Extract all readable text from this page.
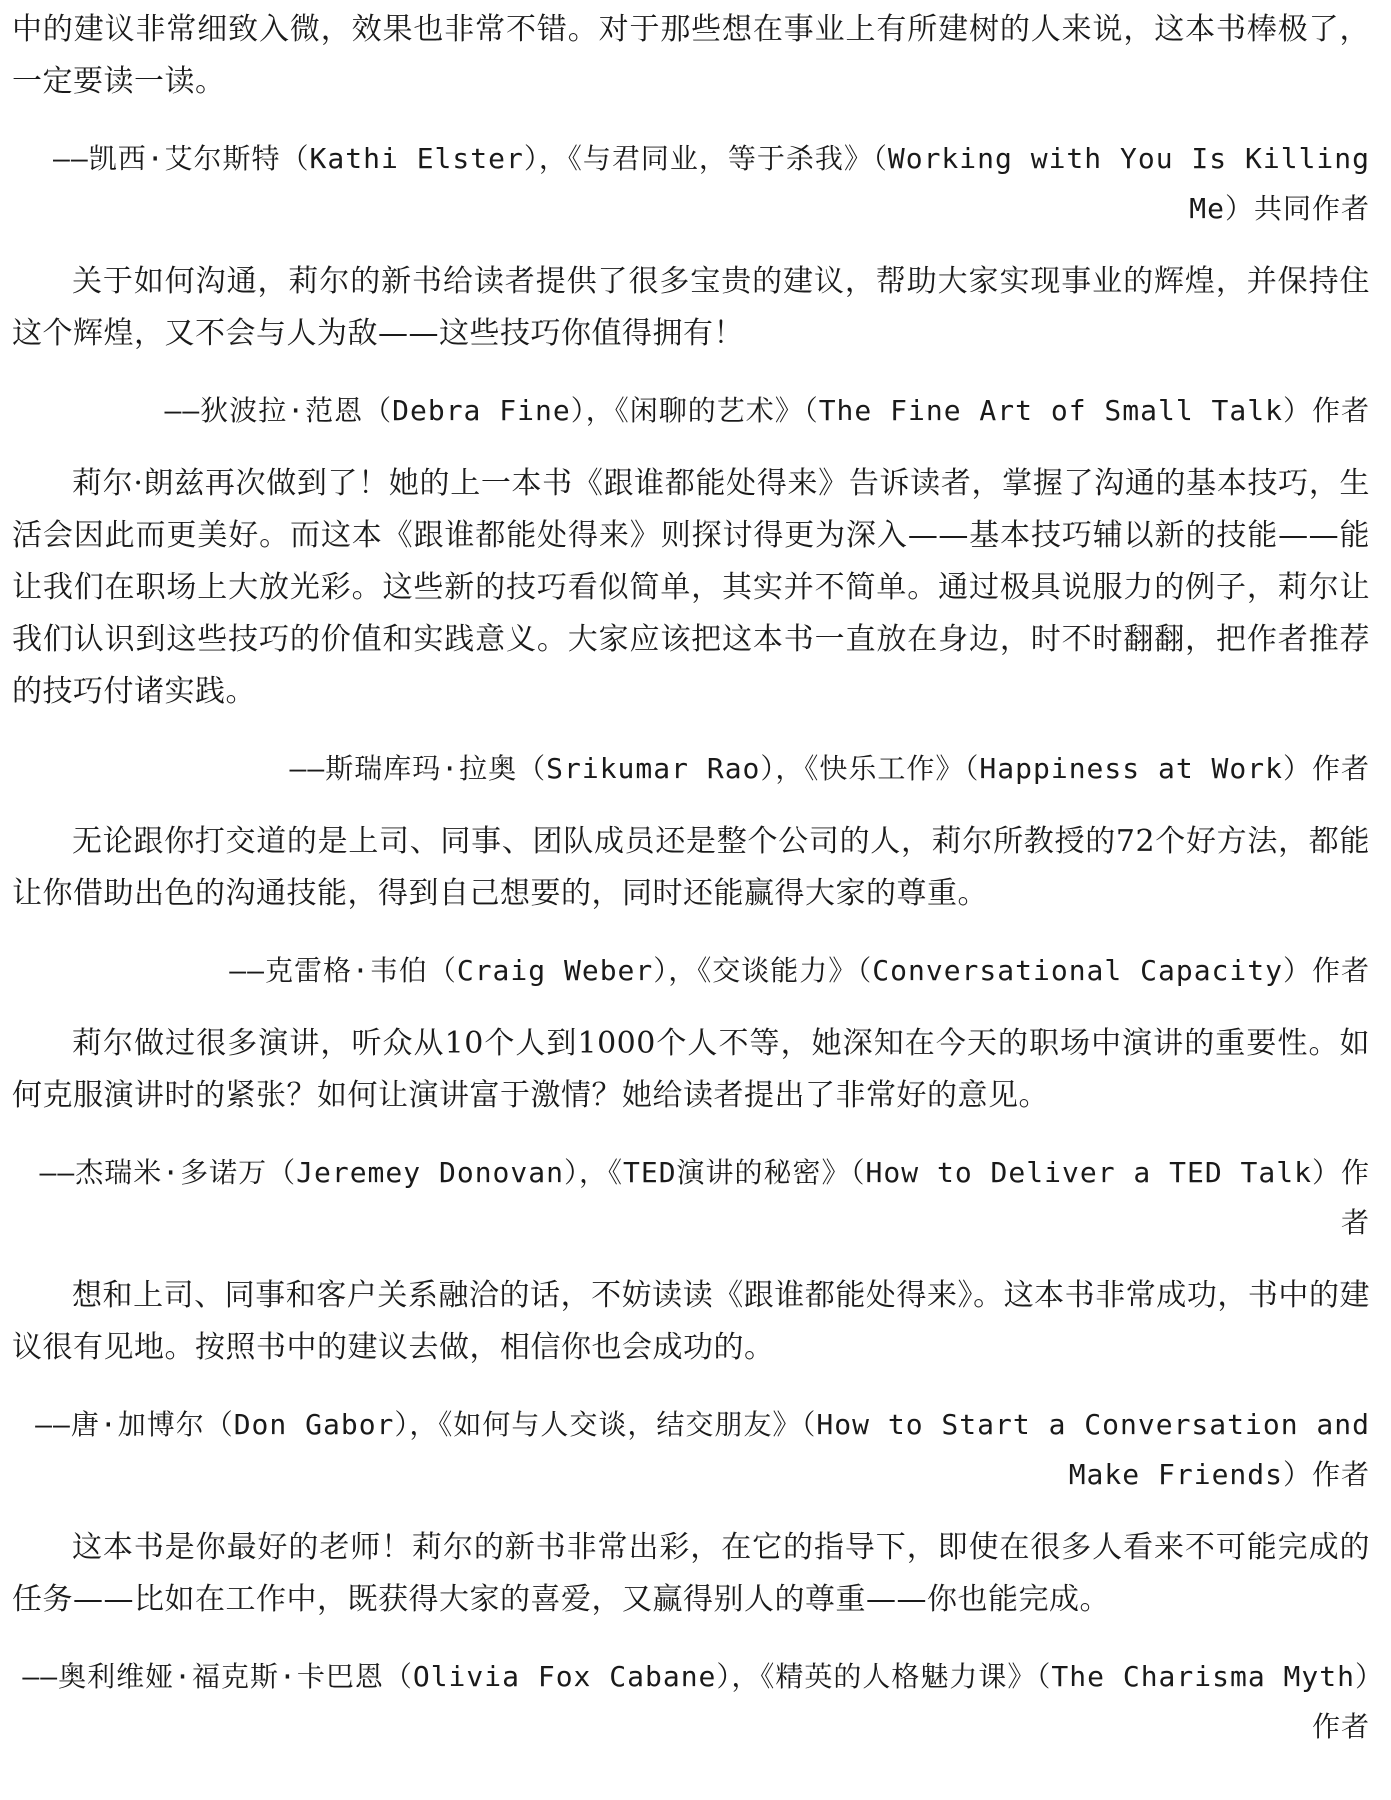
中的建议非常细致入微，效果也非常不错。对于那些想在事业上有所建树的人来说，这本书棒极了，一定要读一读。

——凯西·艾尔斯特（Kathi Elster），《与君同业，等于杀我》（Working with You Is Killing Me）共同作者

关于如何沟通，莉尔的新书给读者提供了很多宝贵的建议，帮助大家实现事业的辉煌，并保持住这个辉煌，又不会与人为敌——这些技巧你值得拥有！

——狄波拉·范恩（Debra Fine），《闲聊的艺术》（The Fine Art of Small Talk）作者

莉尔·朗兹再次做到了！她的上一本书《跟谁都能处得来》告诉读者，掌握了沟通的基本技巧，生活会因此而更美好。而这本《跟谁都能处得来》则探讨得更为深入——基本技巧辅以新的技能——能让我们在职场上大放光彩。这些新的技巧看似简单，其实并不简单。通过极具说服力的例子，莉尔让我们认识到这些技巧的价值和实践意义。大家应该把这本书一直放在身边，时不时翻翻，把作者推荐的技巧付诸实践。

——斯瑞库玛·拉奥（Srikumar Rao），《快乐工作》（Happiness at Work）作者

无论跟你打交道的是上司、同事、团队成员还是整个公司的人，莉尔所教授的72个好方法，都能让你借助出色的沟通技能，得到自己想要的，同时还能赢得大家的尊重。

——克雷格·韦伯（Craig Weber），《交谈能力》（Conversational Capacity）作者

莉尔做过很多演讲，听众从10个人到1000个人不等，她深知在今天的职场中演讲的重要性。如何克服演讲时的紧张？如何让演讲富于激情？她给读者提出了非常好的意见。

——杰瑞米·多诺万（Jeremey Donovan），《TED演讲的秘密》（How to Deliver a TED Talk）作者

想和上司、同事和客户关系融洽的话，不妨读读《跟谁都能处得来》。这本书非常成功，书中的建议很有见地。按照书中的建议去做，相信你也会成功的。

——唐·加博尔（Don Gabor），《如何与人交谈，结交朋友》（How to Start a Conversation and Make Friends）作者

这本书是你最好的老师！莉尔的新书非常出彩，在它的指导下，即使在很多人看来不可能完成的任务——比如在工作中，既获得大家的喜爱，又赢得别人的尊重——你也能完成。

——奥利维娅·福克斯·卡巴恩（Olivia Fox Cabane），《精英的人格魅力课》（The Charisma Myth）作者
